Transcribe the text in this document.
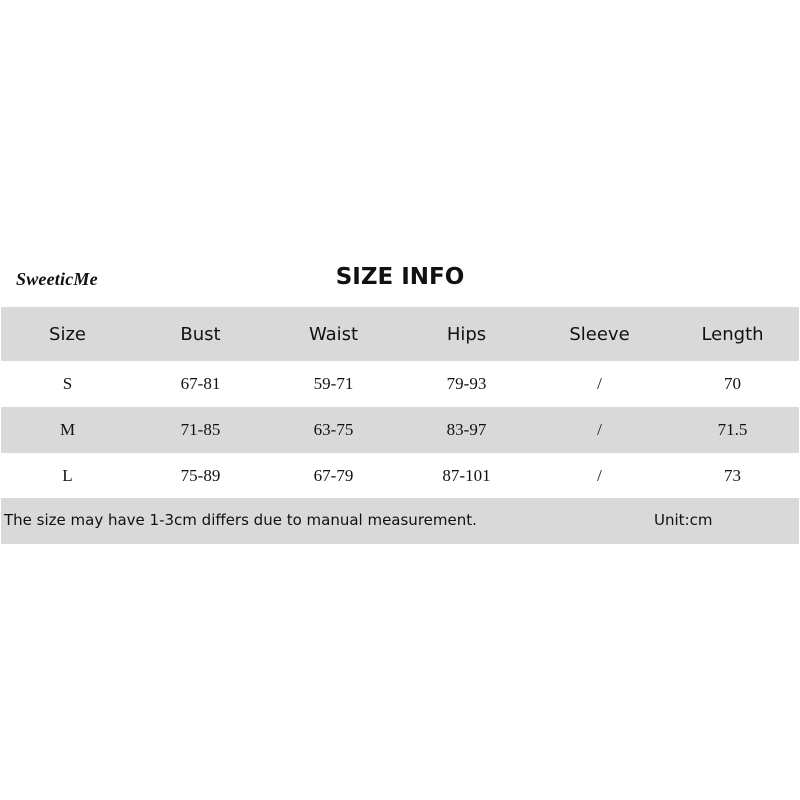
SweeticMe	SIZE INFO
Size	Bust	Waist	Hips	Sleeve	Length
S	67-81	59-71	79-93	/	70
M	71-85	63-75	83-97	/	71.5
L	75-89	67-79	87-101	/	73
The size may have 1-3cm differs due to manual measurement.	Unit:cm
